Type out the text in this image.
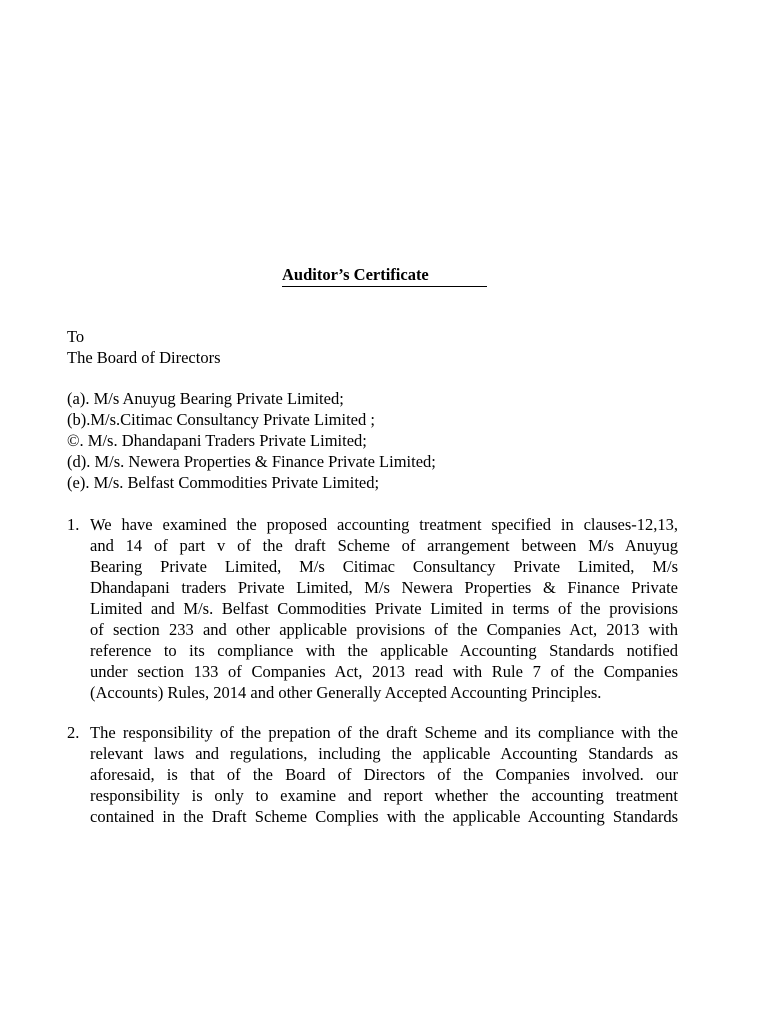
Auditor’s Certificate
To
The Board of Directors
(a). M/s Anuyug Bearing Private Limited;
(b).M/s.Citimac Consultancy Private Limited ;
©. M/s. Dhandapani Traders Private Limited;
(d). M/s. Newera Properties & Finance Private Limited;
(e). M/s. Belfast Commodities Private Limited;
1. We have examined the proposed accounting treatment specified in clauses-12,13,
and 14 of part v of the draft Scheme of arrangement between M/s Anuyug
Bearing Private Limited, M/s Citimac Consultancy Private Limited, M/s
Dhandapani traders Private Limited, M/s Newera Properties & Finance Private
Limited and M/s. Belfast Commodities Private Limited in terms of the provisions
of section 233 and other applicable provisions of the Companies Act, 2013 with
reference to its compliance with the applicable Accounting Standards notified
under section 133 of Companies Act, 2013 read with Rule 7 of the Companies
(Accounts) Rules, 2014 and other Generally Accepted Accounting Principles.
2. The responsibility of the prepation of the draft Scheme and its compliance with the
relevant laws and regulations, including the applicable Accounting Standards as
aforesaid, is that of the Board of Directors of the Companies involved. our
responsibility is only to examine and report whether the accounting treatment
contained in the Draft Scheme Complies with the applicable Accounting Standards
